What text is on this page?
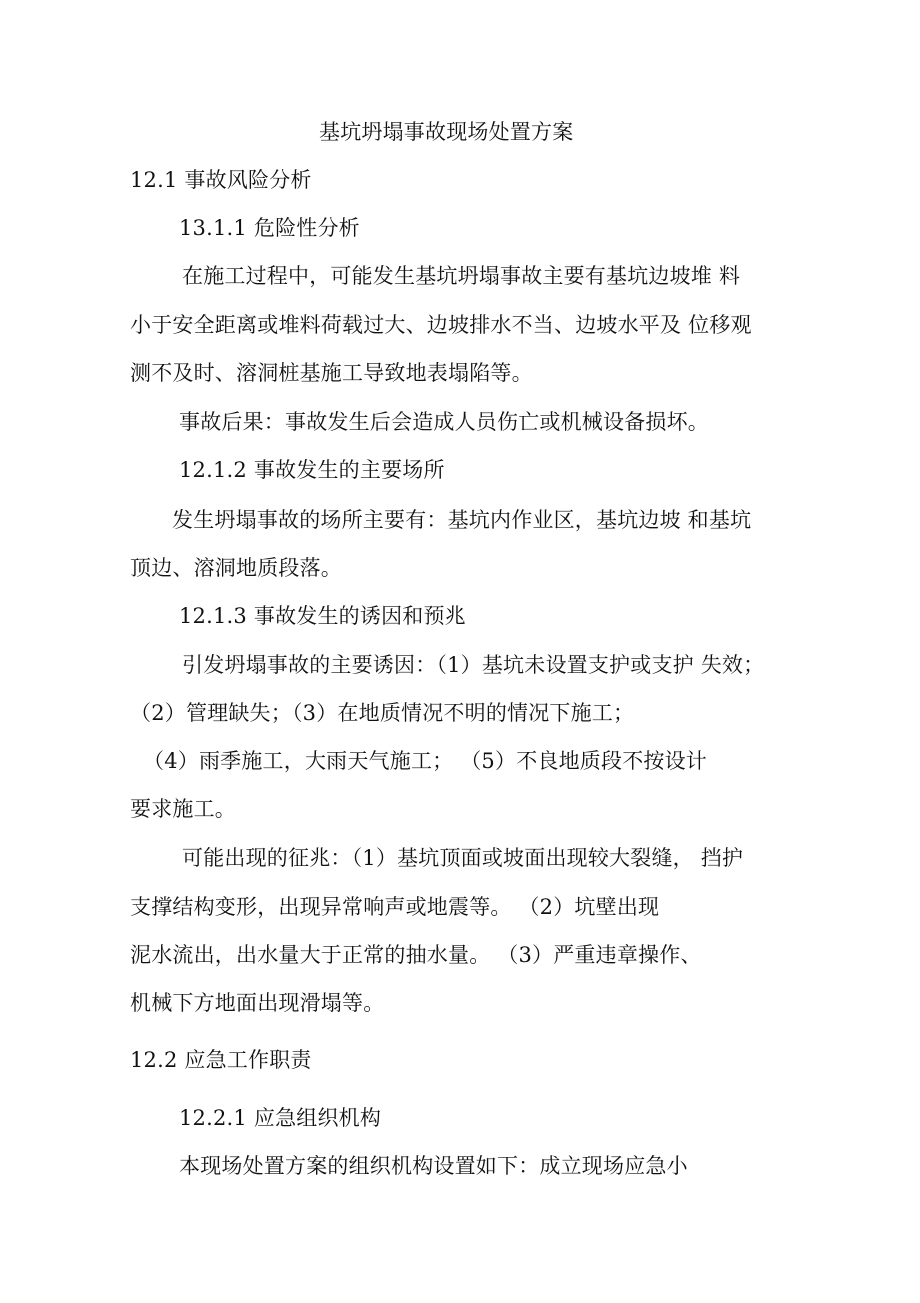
基坑坍塌事故现场处置方案
12.1 事故风险分析
13.1.1 危险性分析
在施工过程中，可能发生基坑坍塌事故主要有基坑边坡堆 料
小于安全距离或堆料荷载过大、边坡排水不当、边坡水平及 位移观
测不及时、溶洞桩基施工导致地表塌陷等。
事故后果：事故发生后会造成人员伤亡或机械设备损坏。
12.1.2 事故发生的主要场所
发生坍塌事故的场所主要有：基坑内作业区，基坑边坡 和基坑
顶边、溶洞地质段落。
12.1.3 事故发生的诱因和预兆
引发坍塌事故的主要诱因：（1）基坑未设置支护或支护 失效；
（2）管理缺失；（3）在地质情况不明的情况下施工；
（4）雨季施工，大雨天气施工； （5）不良地质段不按设计
要求施工。
可能出现的征兆：（1）基坑顶面或坡面出现较大裂缝， 挡护
支撑结构变形，出现异常响声或地震等。 （2）坑壁出现
泥水流出，出水量大于正常的抽水量。 （3）严重违章操作、
机械下方地面出现滑塌等。
12.2 应急工作职责
12.2.1 应急组织机构
本现场处置方案的组织机构设置如下：成立现场应急小
